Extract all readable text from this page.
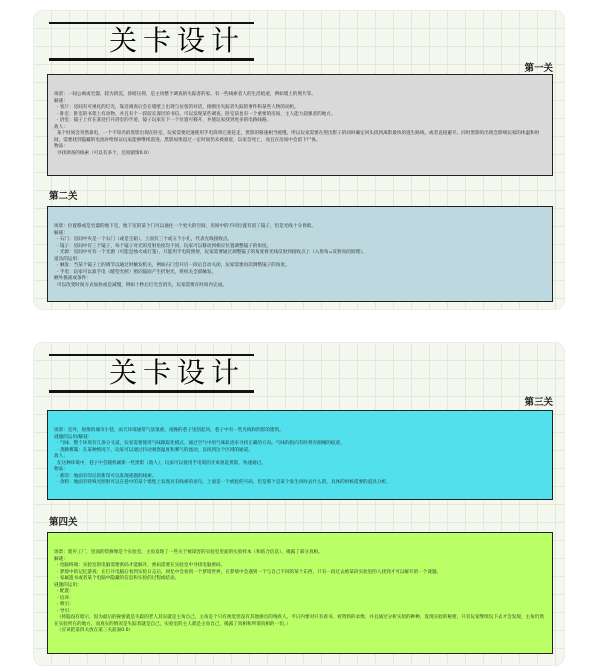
关卡设计
第一关

场景：一间公寓或宅邸，较为阴沉，昏暗压抑，是主角整个调查的失踪者的家，有一些线索者人的生活痕迹，例如墙上的照片等。

解谜：

· 客厅：房间有可视化的灯光，靠近调查后会在墙壁上出现与访客的对话，推断出失踪者失踪的事件和某些人物的动机。

· 卧室：卧室的书架上有动物，并且有个一段较长深层的书信，可以发现某些调查。卧室前也有一个重要的房间，主人能力超强者的地方。

· 浴室：镜子上有在某处打开浴室的手迹，镜子玩家在下一个位置可移开，并使玩家找到更多的电路线路。

敌人：

某个时间会突然靠电，一个不知名的黑影出现在卧室，玩家需要迅速使用手电筒将它驱赶走，黑影的移速相当缓慢，所以玩家需要在照出影子的同时确定回头找到离影最快的逃生路线，或者直接避开。同时黑影的出现会影响玩家的体温和时间，需要找到隐藏的电池补给保证玩家能够继续前进。黑影如果超过一定时间仍未被驱赶，玩家会死亡，而且在房间中会留下尸体。

物品：

寻找调查的线索（可以有多个，还原剧情0.0）

第二关

场景：位置移或是宅邸的地下室，地下室的某个门可以通往一个更大的空间，房间中的不同位置有消了镜子，但是光线十分昏暗。

解谜：

· 石门：房间中央是一个石门（或是宝箱），上面有三个或五个小孔，代表光线接收点。

· 镜子：房间中有三个镜子，每个镜子对光的反射角度均不同，玩家可以移动到相应位置调整镜子的角度。

· 光源：房间中可有一个光源（可能是烛火或灯笼），只能用手电筒照射，玩家需要通过调整镜子的角度将光线反射到接收点上（入射角=反射角的原理）。

道具的运用：

· 触发：当某个镜子上的调节以通过时触发机关，例如石门会开启一段后自动关闭，玩家需要再次调整镜子的角度。

· 手电：玩家可以靠手电（暖型光照）照向镜面产生折射光，将机关全部触发。

额外挑战或条件：

可以改变时间方式加快或是减慢，例如十秒后灯光会消失，玩家需要在时间内完成。

关卡设计
第三关

场景：室外，很像的城市小巷，雨天环境通常气氛很重，夜晚的巷子里刮起风，巷子中有一些光线和阴影的建筑。

谜题的运用/解谜：

· 气味：整个环境有几条分叉道，玩家需要使用气味跟踪化模式，通过空气中的气味轨迹来寻找正确的方向。气味的指向有时将有刚刚的痕迹。

· 蒸腾雾霭：在某种情况下，玩家可以通过抖动观察温度和雾气的流动，以找到这个区域的通道。

敌人：

在这种环境中，巷子中会随机刷新一些黑影（敌人），玩家可以使用手电筒的光束驱赶黑影，快速通过。

物品：

· 新印：地面有印记的新印可以发现谜题的线索。

· 余料：地面有特殊光照射可以在巷中的某个墙壁上发现具有线索的语句，上面是一个被抢的号码，但是那个是某个发生何时去什么的，具体的时候需要的道具分析。

第四关

场景：废弃工厂，里面的装修像是个实验室，主角发现了一些关于被谋害的实验室里面的实验样本（和结合信息），揭露了部分真相。

解谜：

· 电脑终端：实验室的电脑需要密码才能解开，密码需要在实验室中寻找电脑密码。

· 梦境中的记忆游戏：在打开电脑后看到实验日志后，回忆中会看到一个梦境世界，在梦境中会遇到一个与自己不同的某个东西，只有一段过去被某段实验里的人找到才可以解开的一个谜题。

· 家属遗书或者某个电脑中隐藏的信息和实验的过程或结论。

谜题的运用：

· 配置：

· 培养：

· 吸引：

· 导引：

（将隐没有暗示，因为最后的秘密就是失踪的老人其实就是主角自己，主角是个只有视觉但没有其他感官的残疾人，平日内要对只有看书、看资料的录像，并且通过分析实验的种种，发现实验的秘密，只有玩家继续玩下去才会发现，主角仍然在实验所在的地方，而真实的情况是失踪者就是自己，实验室的主人就是主角自己，揭露了真相和所谓真相的一切。）

（应该把第四关放在第三关前面0.0）
